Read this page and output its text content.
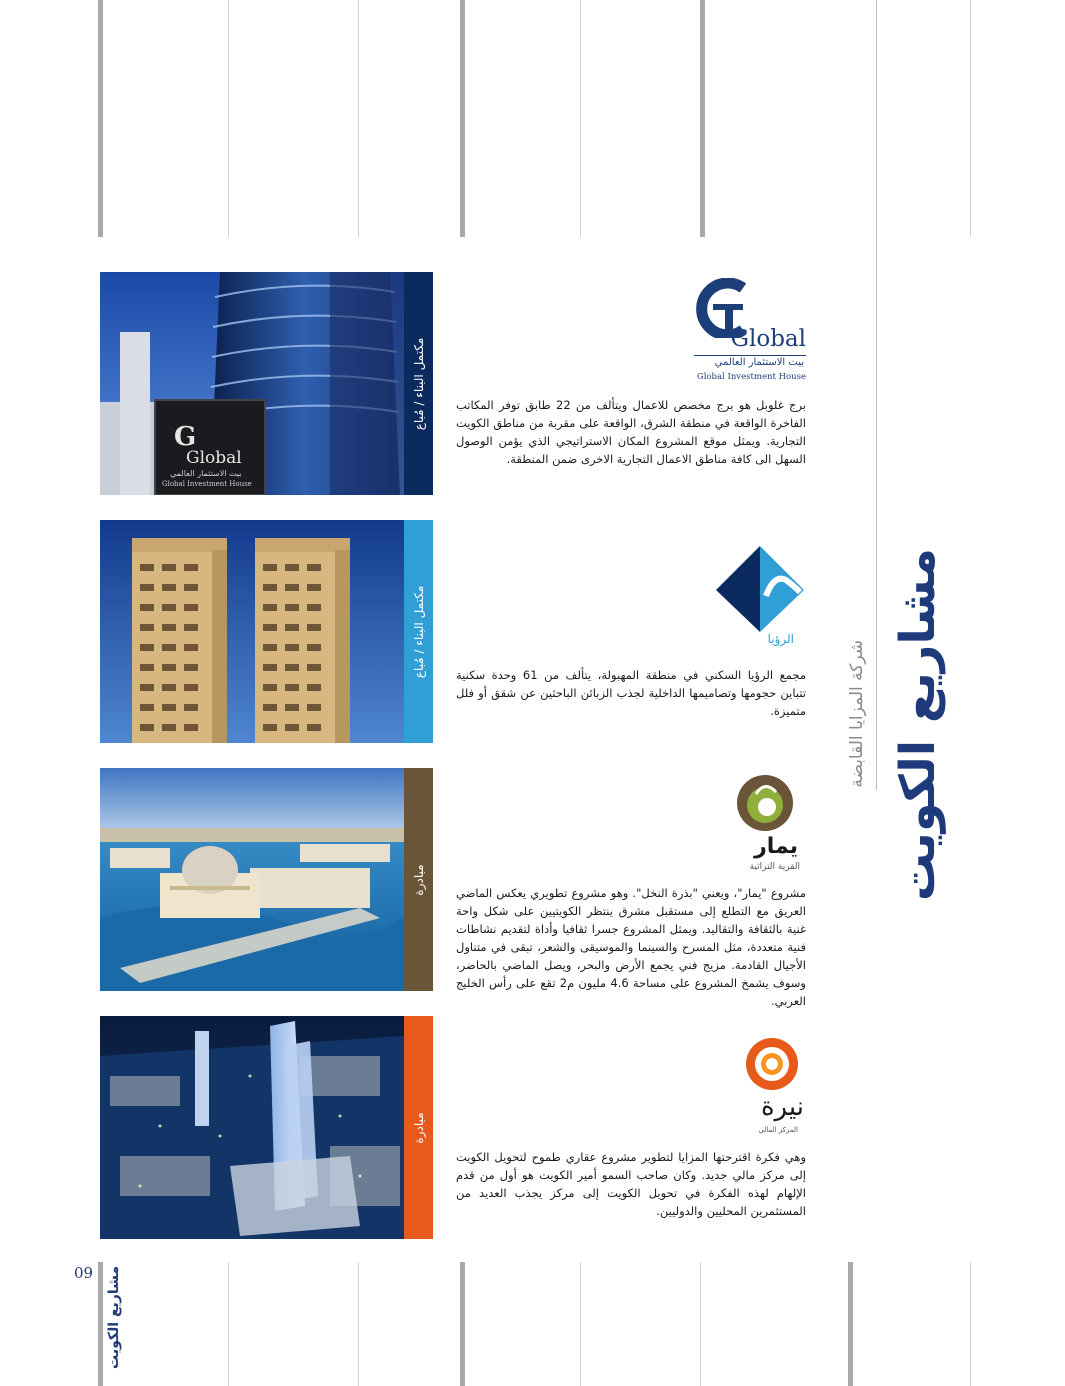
مشاريع الكويت
شركة المزايا القابضة
09 مشاريع الكويت
G
Global
بيت الاستثمار العالمي
Global Investment House
مكتمل البناء / مُباع	Global
بيت الاستثمار العالمي
Global Investment House
برج غلوبل هو برج مخصص للاعمال ويتألف من 22 طابق توفر المكاتب الفاخرة الواقعة في منطقة الشرق، الواقعة على مقربة من مناطق الكويت التجارية. ويمثل موقع المشروع المكان الاستراتيجي الذي يؤمن الوصول السهل الى كافة مناطق الاعمال التجارية الاخرى ضمن المنطقة.
مكتمل البناء / مُباع	الرؤيا
مجمع الرؤيا السكني في منطقة المهبولة، يتألف من 61 وحدة سكنية تتباين حجومها وتصاميمها الداخلية لجذب الزبائن الباحثين عن شقق أو فلل متميزة.
مبادرة
يمار
القرية التراثية
مشروع "يمار"، ويعني "بذرة النخل". وهو مشروع تطويري يعكس الماضي العريق مع التطلع إلى مستقبل مشرق ينتظر الكويتيين على شكل واحة غنية بالثقافة والتقاليد. ويمثل المشروع جسرا ثقافيا وأداة لتقديم نشاطات فنية متعددة، مثل المسرح والسينما والموسيقى والشعر، تبقى في متناول الأجيال القادمة. مزيج فني يجمع الأرض والبحر، ويصل الماضي بالحاضر، وسوف يشمخ المشروع على مساحة 4.6 مليون م2 تقع على رأس الخليج العربي.
مبادرة
نيرة
المركز المالي
وهي فكرة اقترحتها المزايا لتطوير مشروع عقاري طموح لتحويل الكويت إلى مركز مالي جديد. وكان صاحب السمو أمير الكويت هو أول من قدم الإلهام لهذه الفكرة في تحويل الكويت إلى مركز يجذب العديد من المستثمرين المحليين والدوليين.
